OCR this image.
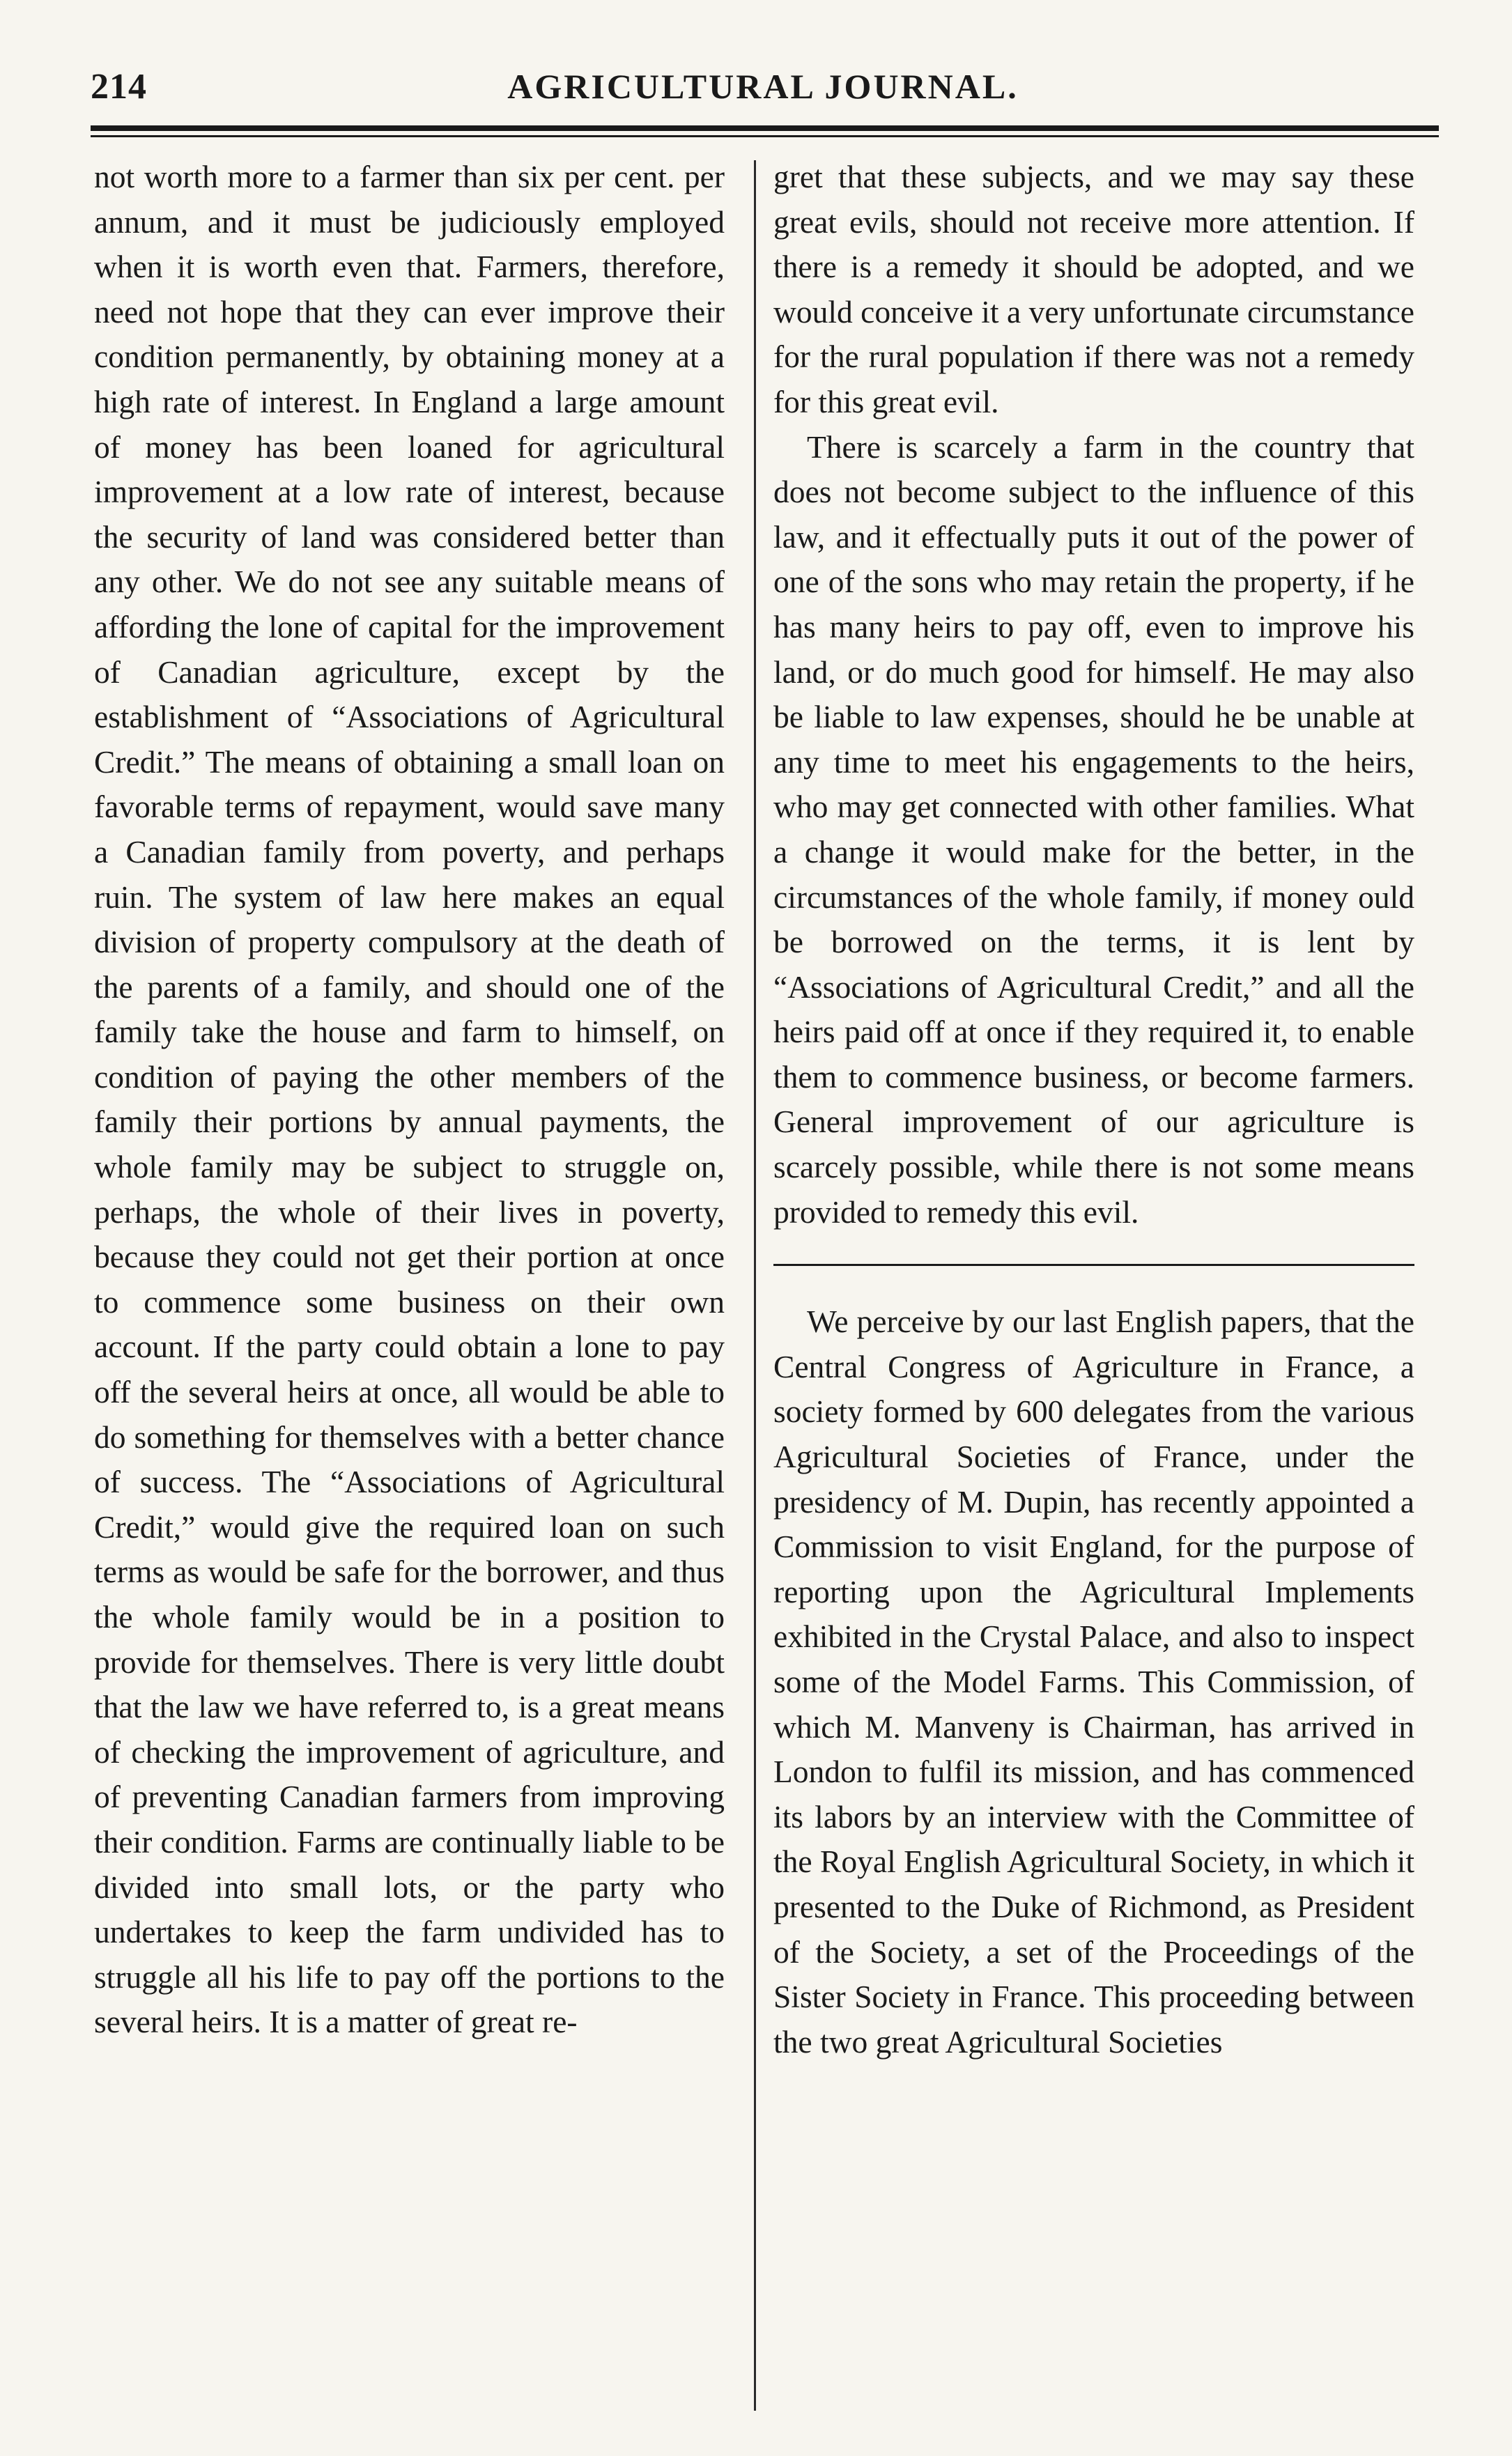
214	AGRICULTURAL JOURNAL.

not worth more to a farmer than six per cent. per annum, and it must be judiciously employed when it is worth even that. Farmers, therefore, need not hope that they can ever improve their condition permanently, by obtaining money at a high rate of interest. In England a large amount of money has been loaned for agricultural improvement at a low rate of interest, because the security of land was considered better than any other. We do not see any suitable means of affording the lone of capital for the improvement of Canadian agriculture, except by the establishment of “Associations of Agricultural Credit.” The means of obtaining a small loan on favorable terms of repayment, would save many a Canadian family from poverty, and perhaps ruin. The system of law here makes an equal division of property compulsory at the death of the parents of a family, and should one of the family take the house and farm to himself, on condition of paying the other members of the family their portions by annual payments, the whole family may be subject to struggle on, perhaps, the whole of their lives in poverty, because they could not get their portion at once to commence some business on their own account. If the party could obtain a lone to pay off the several heirs at once, all would be able to do something for themselves with a better chance of success. The “Associations of Agricultural Credit,” would give the required loan on such terms as would be safe for the borrower, and thus the whole family would be in a position to provide for themselves. There is very little doubt that the law we have referred to, is a great means of checking the improvement of agriculture, and of preventing Canadian farmers from improving their condition. Farms are continually liable to be divided into small lots, or the party who undertakes to keep the farm undivided has to struggle all his life to pay off the portions to the several heirs. It is a matter of great re-

gret that these subjects, and we may say these great evils, should not receive more attention. If there is a remedy it should be adopted, and we would conceive it a very unfortunate circumstance for the rural population if there was not a remedy for this great evil.

There is scarcely a farm in the country that does not become subject to the influence of this law, and it effectually puts it out of the power of one of the sons who may retain the property, if he has many heirs to pay off, even to improve his land, or do much good for himself. He may also be liable to law expenses, should he be unable at any time to meet his engagements to the heirs, who may get connected with other families. What a change it would make for the better, in the circumstances of the whole family, if money ould be borrowed on the terms, it is lent by “Associations of Agricultural Credit,” and all the heirs paid off at once if they required it, to enable them to commence business, or become farmers. General improvement of our agriculture is scarcely possible, while there is not some means provided to remedy this evil.

We perceive by our last English papers, that the Central Congress of Agriculture in France, a society formed by 600 delegates from the various Agricultural Societies of France, under the presidency of M. Dupin, has recently appointed a Commission to visit England, for the purpose of reporting upon the Agricultural Implements exhibited in the Crystal Palace, and also to inspect some of the Model Farms. This Commission, of which M. Manveny is Chairman, has arrived in London to fulfil its mission, and has commenced its labors by an interview with the Committee of the Royal English Agricultural Society, in which it presented to the Duke of Richmond, as President of the Society, a set of the Proceedings of the Sister Society in France. This proceeding between the two great Agricultural Societies
